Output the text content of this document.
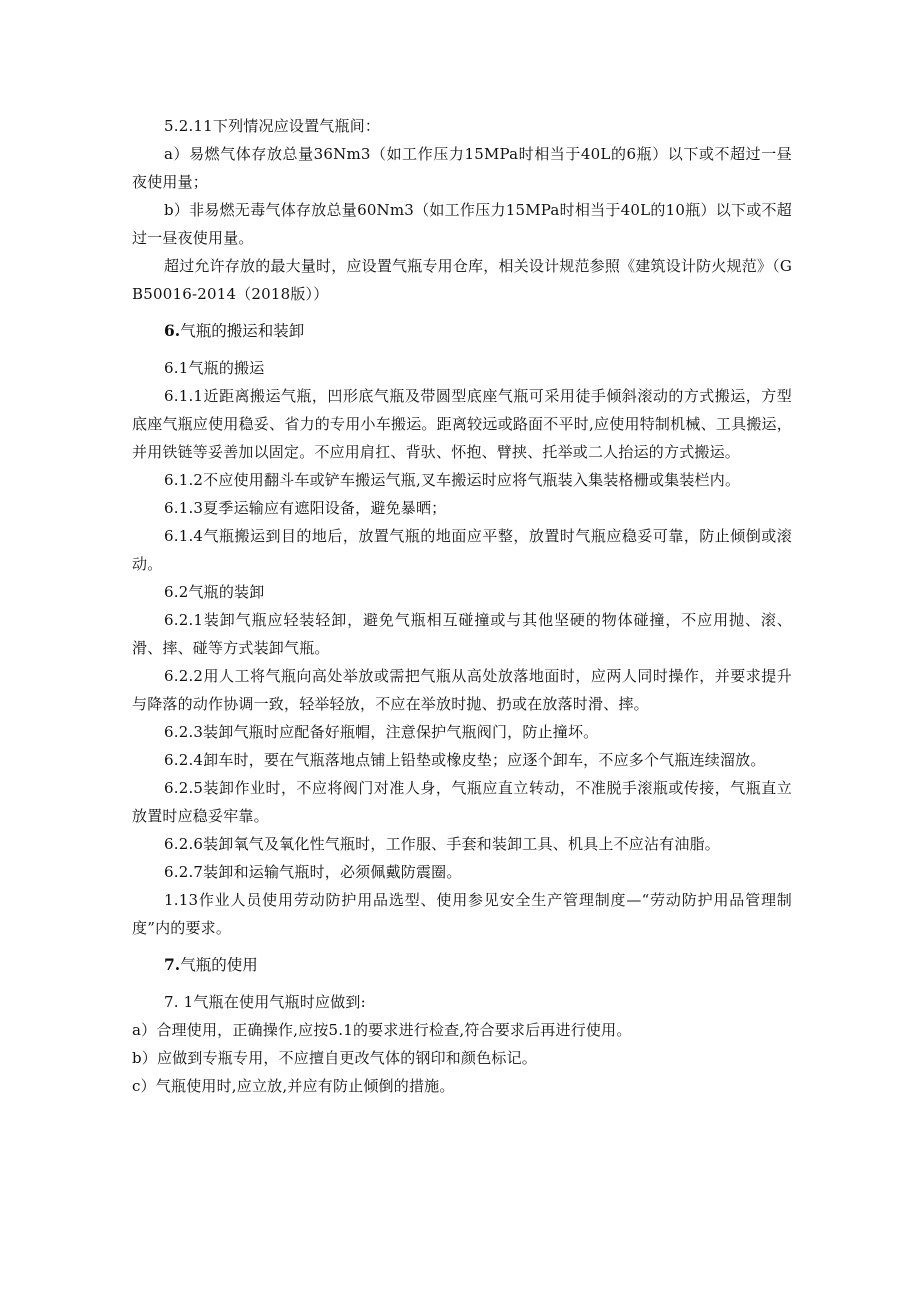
5.2.11下列情况应设置气瓶间：

a）易燃气体存放总量36Nm3（如工作压力15MPa时相当于40L的6瓶）以下或不超过一昼夜使用量；

b）非易燃无毒气体存放总量60Nm3（如工作压力15MPa时相当于40L的10瓶）以下或不超过一昼夜使用量。

超过允许存放的最大量时，应设置气瓶专用仓库，相关设计规范参照《建筑设计防火规范》（GB50016-2014（2018版））

6.气瓶的搬运和装卸

6.1气瓶的搬运

6.1.1近距离搬运气瓶，凹形底气瓶及带圆型底座气瓶可采用徒手倾斜滚动的方式搬运，方型底座气瓶应使用稳妥、省力的专用小车搬运。距离较远或路面不平时,应使用特制机械、工具搬运，并用铁链等妥善加以固定。不应用肩扛、背驮、怀抱、臂挟、托举或二人抬运的方式搬运。

6.1.2不应使用翻斗车或铲车搬运气瓶,叉车搬运时应将气瓶装入集装格栅或集装栏内。

6.1.3夏季运输应有遮阳设备，避免暴晒；

6.1.4气瓶搬运到目的地后，放置气瓶的地面应平整，放置时气瓶应稳妥可靠，防止倾倒或滚动。

6.2气瓶的装卸

6.2.1装卸气瓶应轻装轻卸，避免气瓶相互碰撞或与其他坚硬的物体碰撞，不应用抛、滚、滑、摔、碰等方式装卸气瓶。

6.2.2用人工将气瓶向高处举放或需把气瓶从高处放落地面时，应两人同时操作，并要求提升与降落的动作协调一致，轻举轻放，不应在举放时抛、扔或在放落时滑、摔。

6.2.3装卸气瓶时应配备好瓶帽，注意保护气瓶阀门，防止撞坏。

6.2.4卸车时，要在气瓶落地点铺上铅垫或橡皮垫；应逐个卸车，不应多个气瓶连续溜放。

6.2.5装卸作业时，不应将阀门对准人身，气瓶应直立转动，不准脱手滚瓶或传接，气瓶直立放置时应稳妥牢靠。

6.2.6装卸氧气及氧化性气瓶时，工作服、手套和装卸工具、机具上不应沾有油脂。

6.2.7装卸和运输气瓶时，必须佩戴防震圈。

1.13作业人员使用劳动防护用品选型、使用参见安全生产管理制度—“劳动防护用品管理制度”内的要求。

7.气瓶的使用

7. 1气瓶在使用气瓶时应做到:

a）合理使用，正确操作,应按5.1的要求进行检查,符合要求后再进行使用。

b）应做到专瓶专用，不应擅自更改气体的钢印和颜色标记。

c）气瓶使用时,应立放,并应有防止倾倒的措施。
